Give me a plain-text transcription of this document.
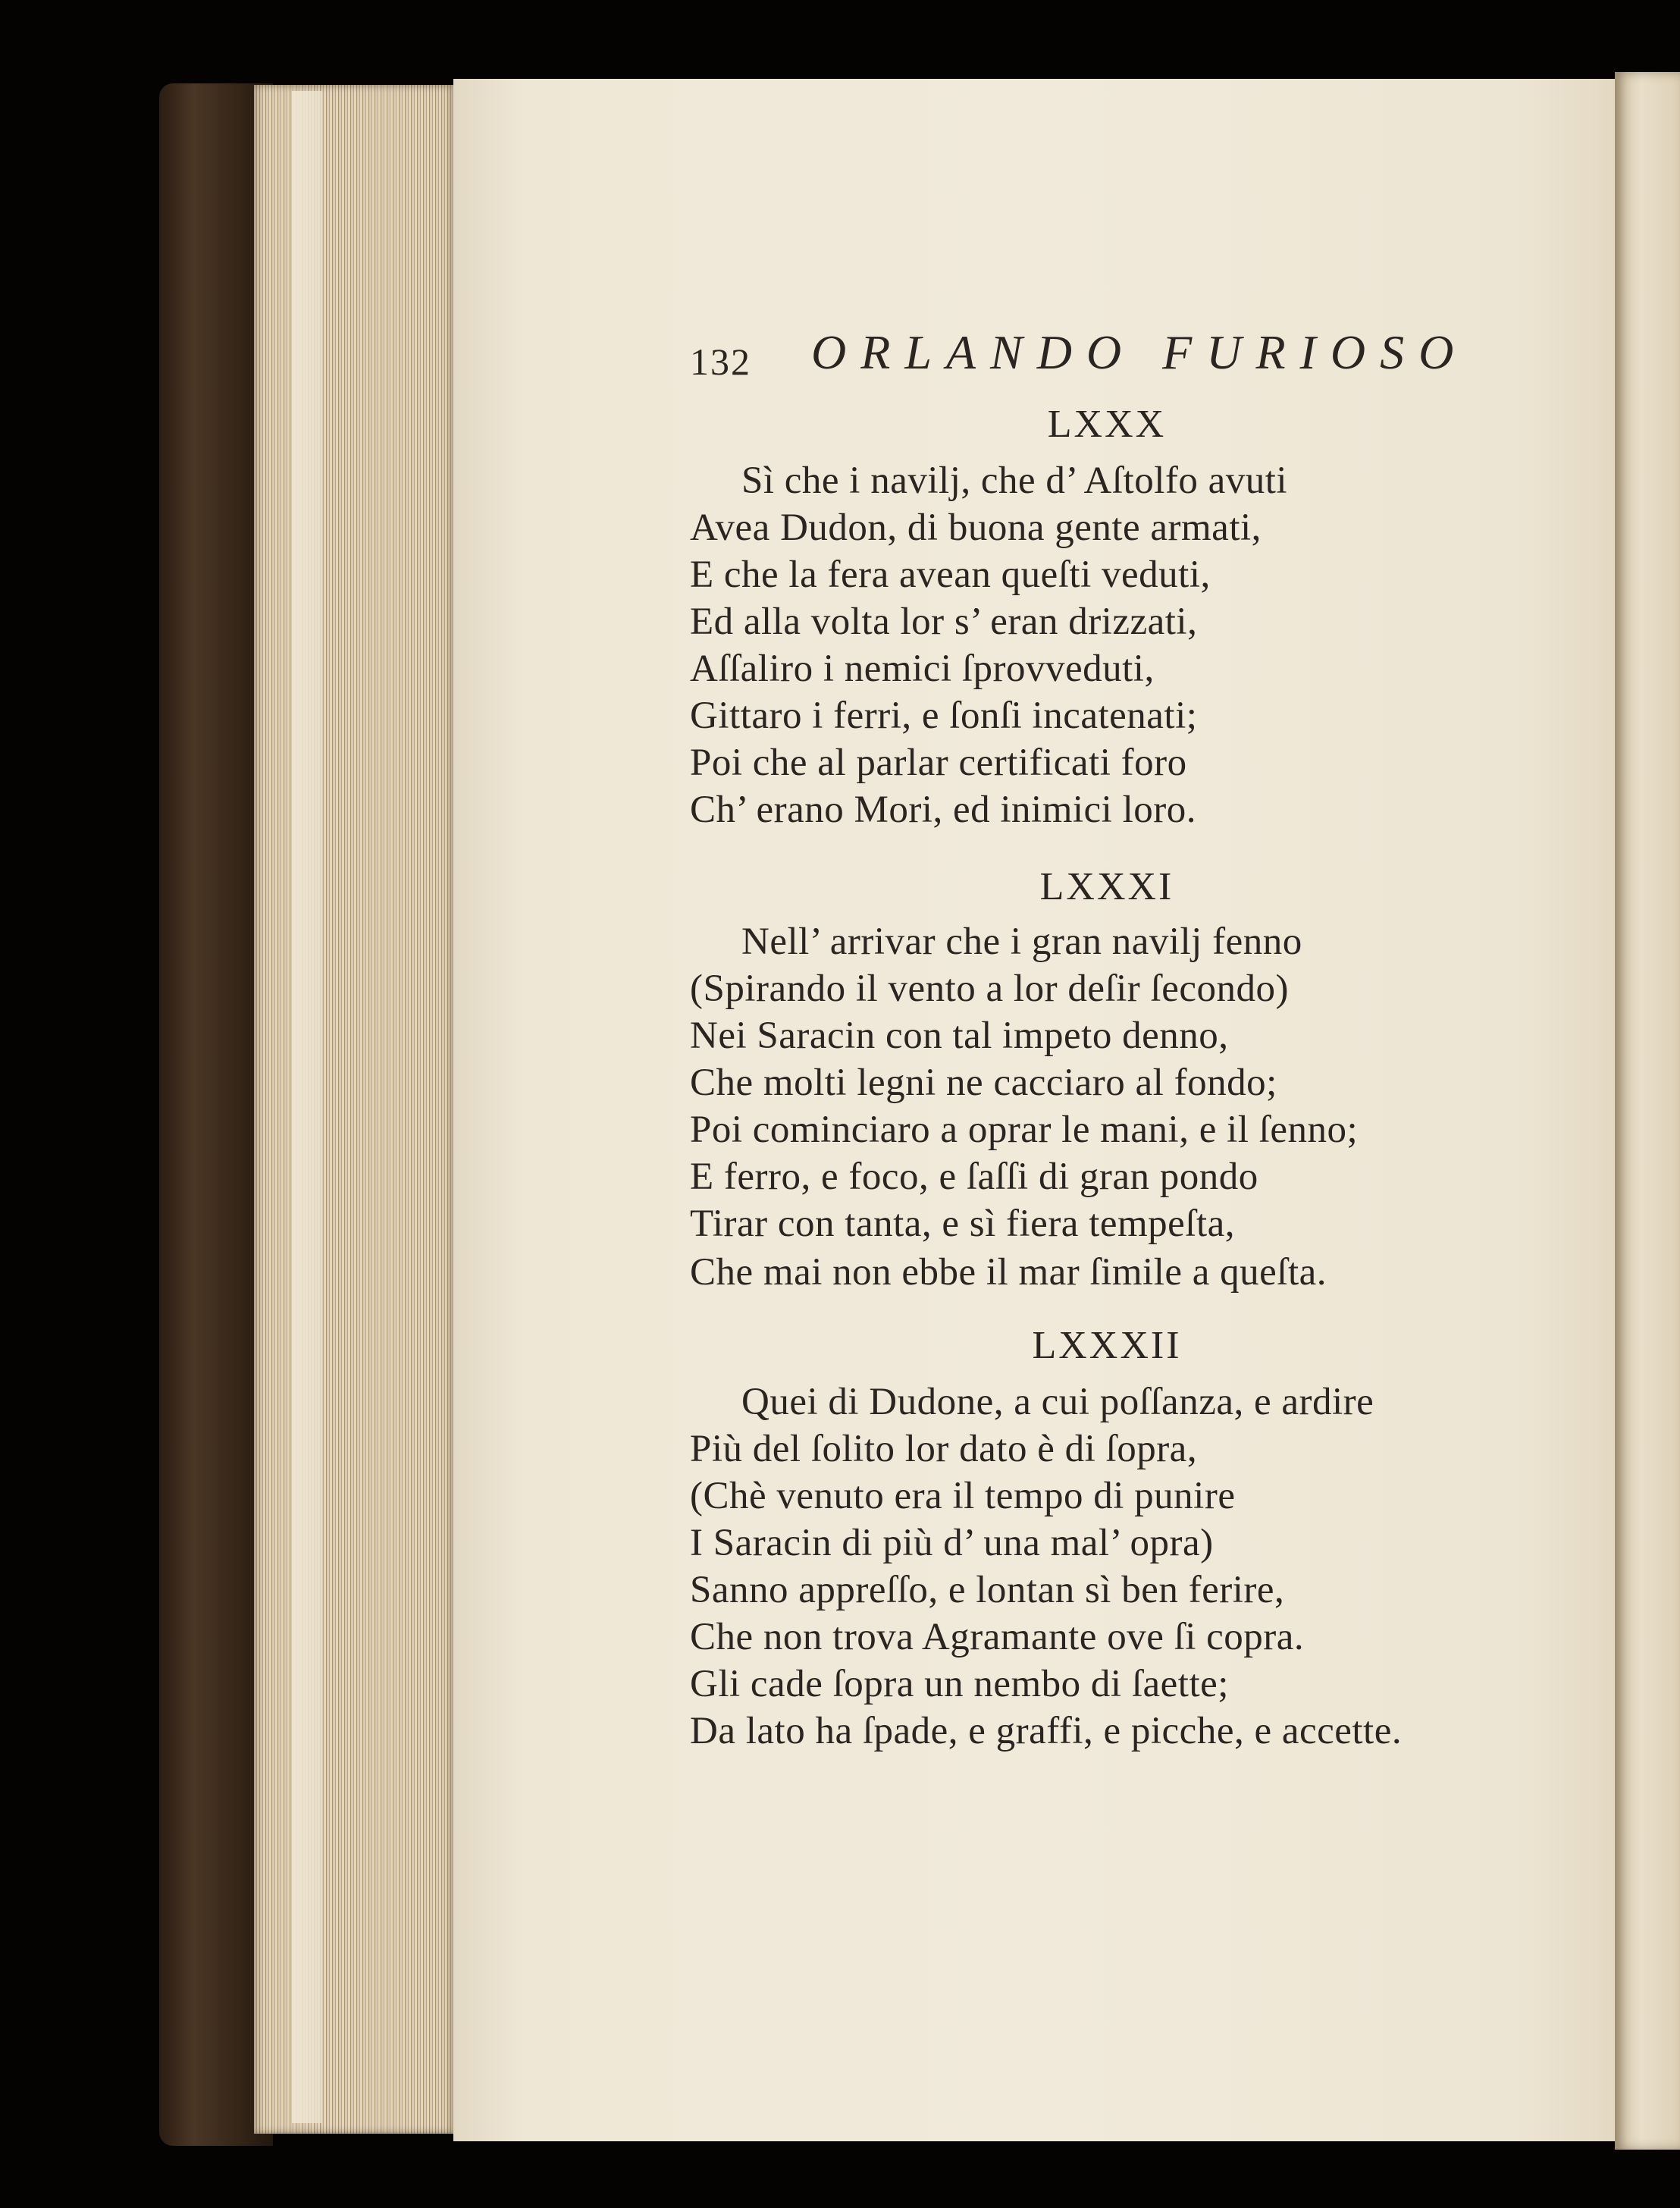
132 ORLANDO FURIOSO
LXXX
Sì che i navilj, che d’ Aſtolfo avuti
Avea Dudon, di buona gente armati,
E che la fera avean queſti veduti,
Ed alla volta lor s’ eran drizzati,
Aſſaliro i nemici ſprovveduti,
Gittaro i ferri, e ſonſi incatenati;
Poi che al parlar certificati foro
Ch’ erano Mori, ed inimici loro.
LXXXI
Nell’ arrivar che i gran navilj fenno
(Spirando il vento a lor deſir ſecondo)
Nei Saracin con tal impeto denno,
Che molti legni ne cacciaro al fondo;
Poi cominciaro a oprar le mani, e il ſenno;
E ferro, e foco, e ſaſſi di gran pondo
Tirar con tanta, e sì fiera tempeſta,
Che mai non ebbe il mar ſimile a queſta.
LXXXII
Quei di Dudone, a cui poſſanza, e ardire
Più del ſolito lor dato è di ſopra,
(Chè venuto era il tempo di punire
I Saracin di più d’ una mal’ opra)
Sanno appreſſo, e lontan sì ben ferire,
Che non trova Agramante ove ſi copra.
Gli cade ſopra un nembo di ſaette;
Da lato ha ſpade, e graffi, e picche, e accette.
